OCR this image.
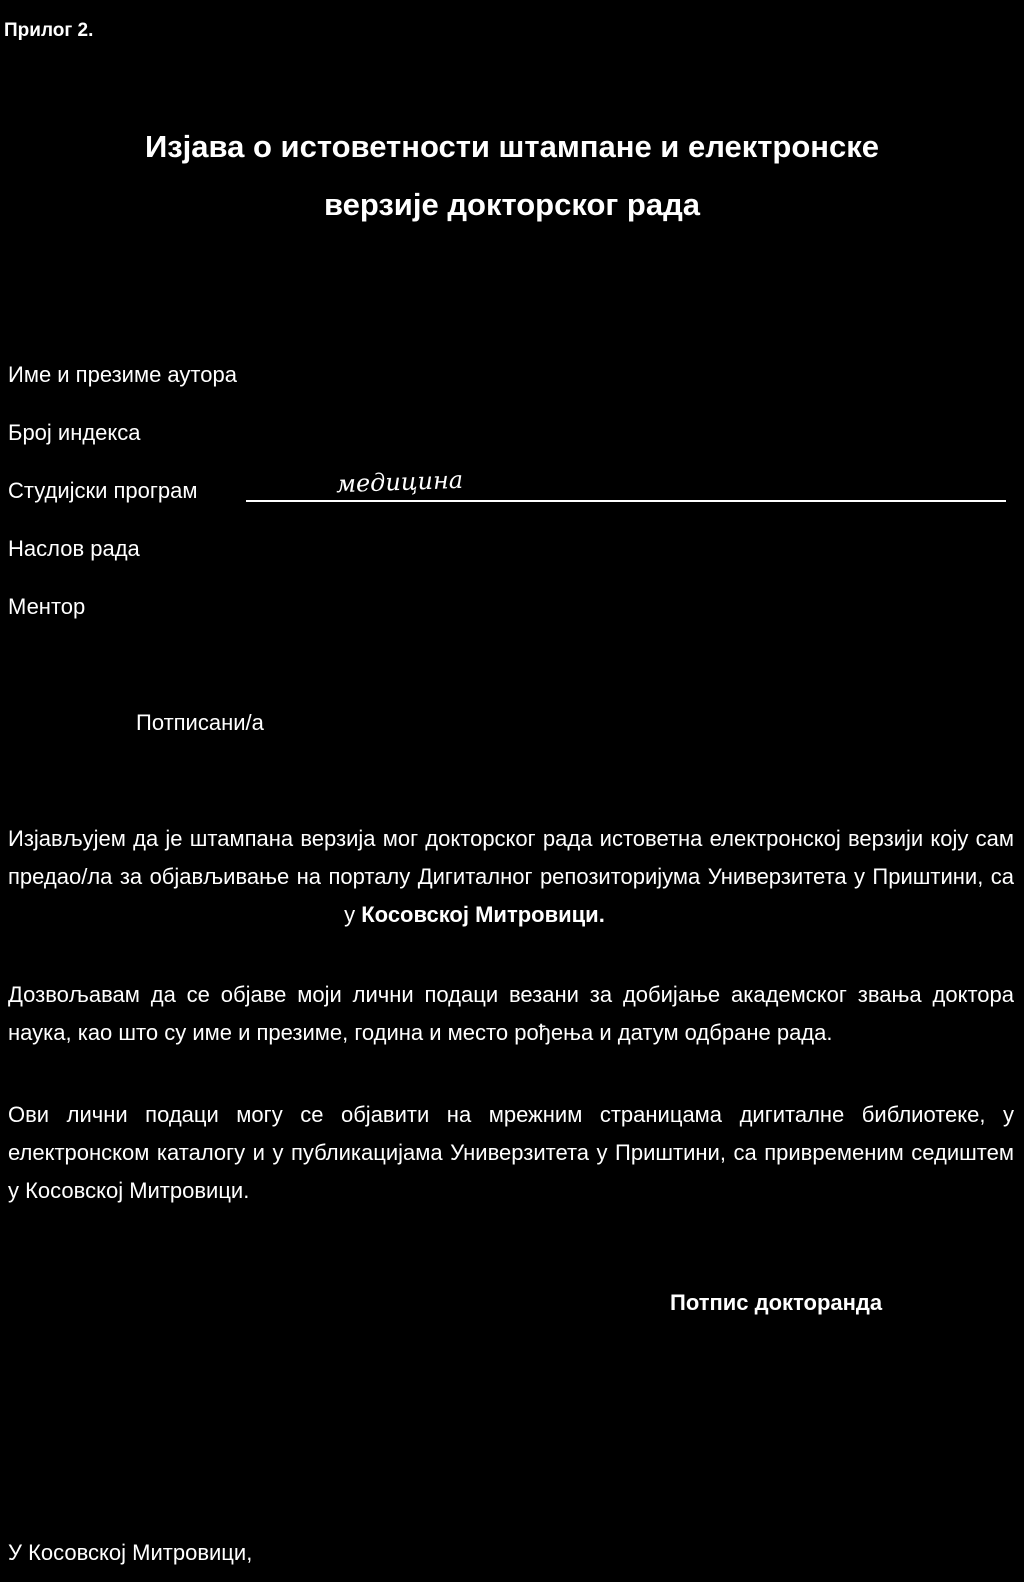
Прилог 2.
Изјава о истоветности штампане и електронске
верзије докторског рада
Име и презиме аутора
Број индекса
Студијски програм	медицина
Наслов рада
Ментор
Потписани/а
Изјављујем да је штампана верзија мог докторског рада истоветна електронској верзији коју сам предао/ла за објављивање на порталу Дигиталног репозиторијума Универзитета у Приштини, са  у Косовској Митровици.
Дозвољавам да се објаве моји лични подаци везани за добијање академског звања доктора наука, као што су име и презиме, година и место рођења и датум одбране рада.
Ови лични подаци могу се објавити на мрежним страницама дигиталне библиотеке, у електронском каталогу и у публикацијама Универзитета у Приштини, са привременим седиштем у Косовској Митровици.
Потпис докторанда
У Косовској Митровици,
